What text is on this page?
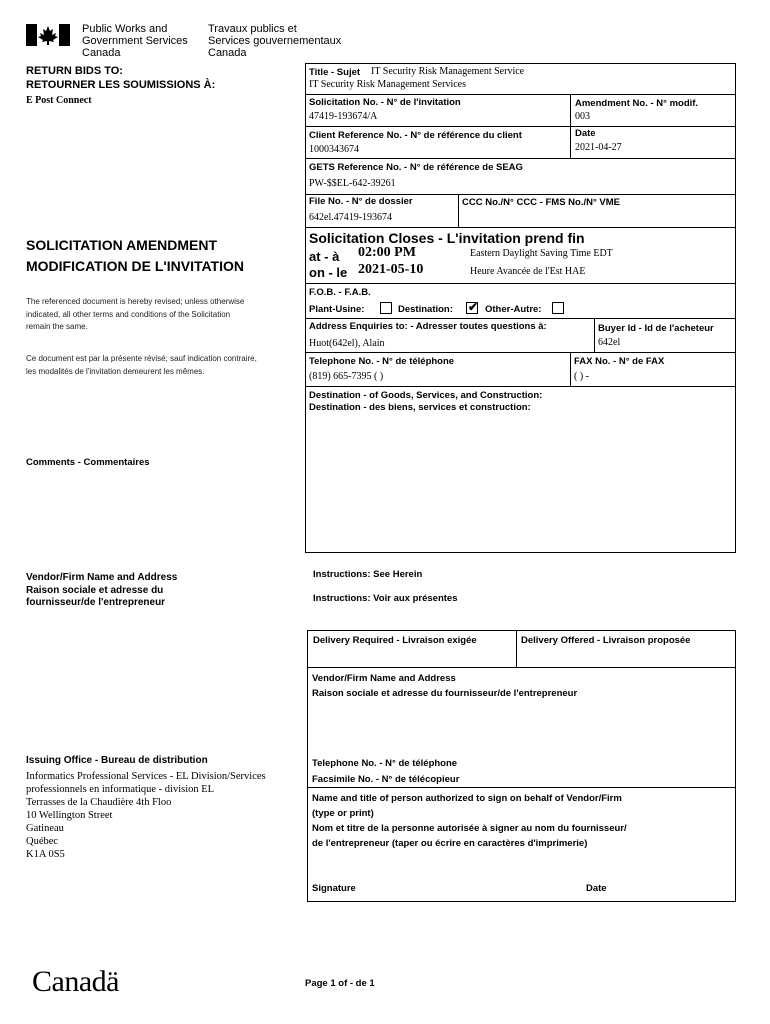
Public Works and
Government Services
Canada
Travaux publics et
Services gouvernementaux
Canada
RETURN BIDS TO:
RETOURNER LES SOUMISSIONS À:
E Post Connect
SOLICITATION AMENDMENT
MODIFICATION DE L'INVITATION
The referenced document is hereby revised; unless otherwise
indicated, all other terms and conditions of the Solicitation
remain the same.
Ce document est par la présente révisé; sauf indication contraire,
les modalités de l'invitation demeurent les mêmes.
Comments - Commentaires
Vendor/Firm Name and Address
Raison sociale et adresse du
fournisseur/de l'entrepreneur
Issuing Office - Bureau de distribution
Informatics Professional Services - EL Division/Services
professionnels en informatique - division EL
Terrasses de la Chaudière 4th Floo
10 Wellington Street
Gatineau
Québec
K1A 0S5
Title - Sujet IT Security Risk Management Service
IT Security Risk Management Services
Solicitation No. - N° de l'invitation
47419-193674/A
Amendment No. - N° modif.
003
Client Reference No. - N° de référence du client
1000343674
Date
2021-04-27
GETS Reference No. - N° de référence de SEAG
PW-$$EL-642-39261
File No. - N° de dossier
642el.47419-193674
CCC No./N° CCC - FMS No./N° VME
Solicitation Closes - L'invitation prend fin
at - à 02:00 PM	Eastern Daylight Saving Time EDT
on - le 2021-05-10	Heure Avancée de l'Est HAE
F.O.B. - F.A.B.
Plant-Usine:	Destination: ✔ Other-Autre:
Address Enquiries to: - Adresser toutes questions à:
Huot(642el), Alain
Buyer Id - Id de l'acheteur
642el
Telephone No. - N° de téléphone
(819) 665-7395 ( )
FAX No. - N° de FAX
( ) -
Destination - of Goods, Services, and Construction:
Destination - des biens, services et construction:
Instructions: See Herein
Instructions: Voir aux présentes
Delivery Required - Livraison exigée	Delivery Offered - Livraison proposée
Vendor/Firm Name and Address
Raison sociale et adresse du fournisseur/de l'entrepreneur
Telephone No. - N° de téléphone
Facsimile No. - N° de télécopieur
Name and title of person authorized to sign on behalf of Vendor/Firm
(type or print)
Nom et titre de la personne autorisée à signer au nom du fournisseur/
de l'entrepreneur (taper ou écrire en caractères d'imprimerie)
Signature	Date
Canadä	Page 1 of - de 1
